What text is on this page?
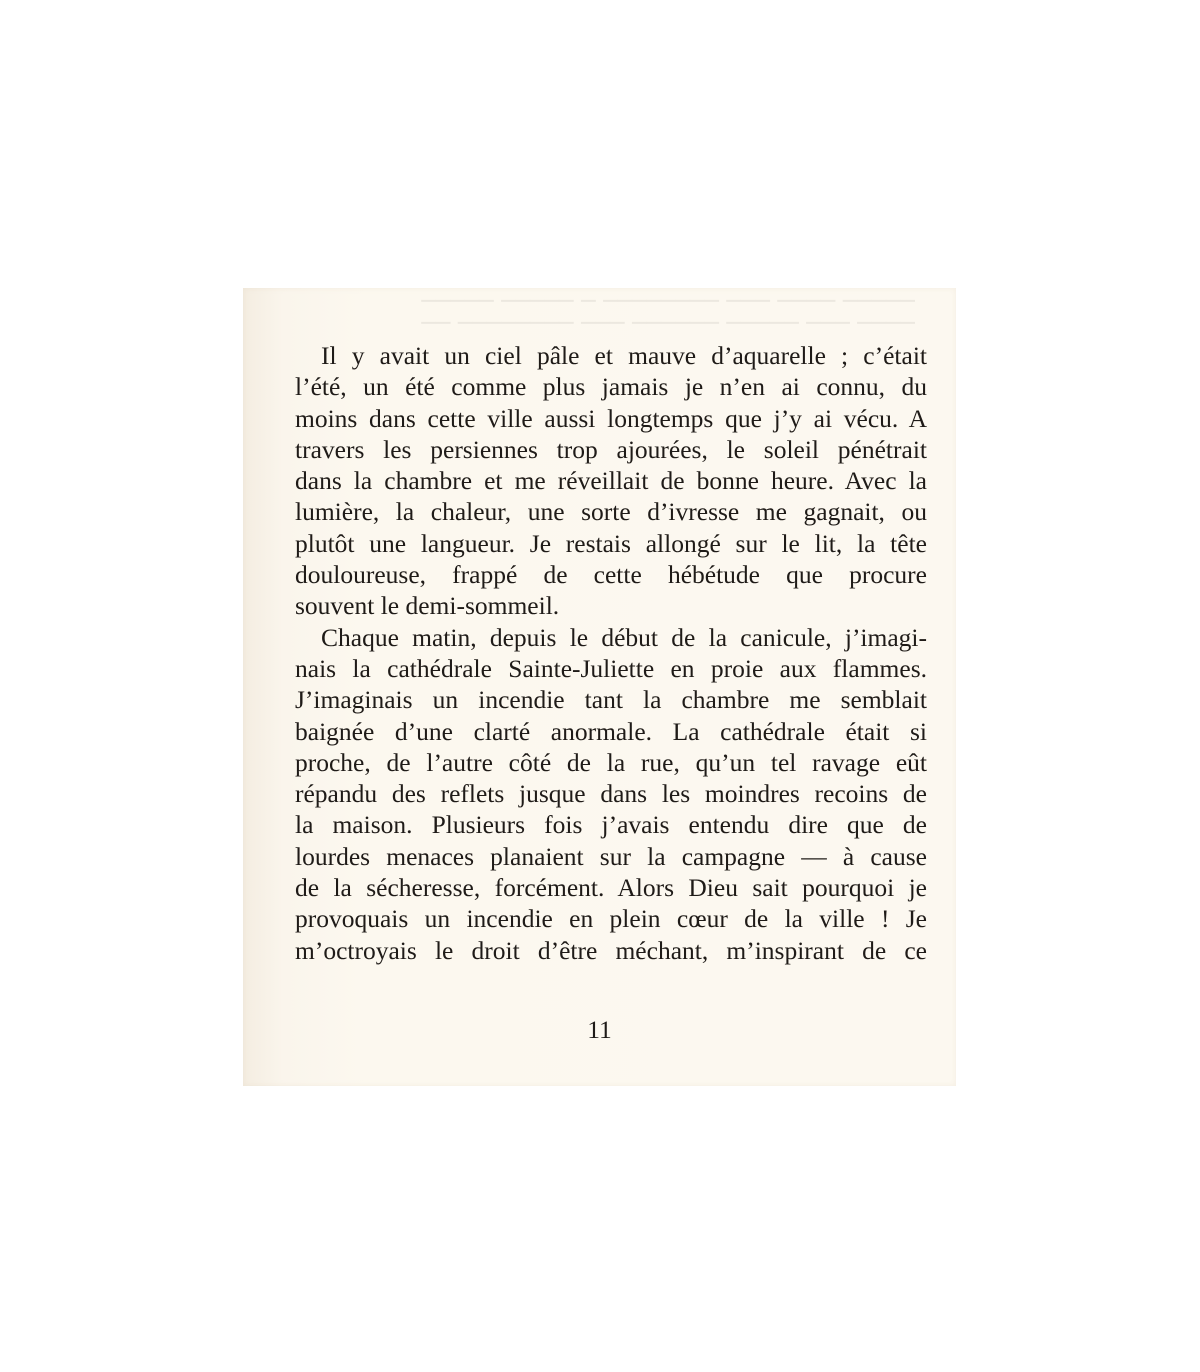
───── ──── ─── ──────── ─ ───── ─────
──── ─── ───── ────── ─── ──────── ──

Il y avait un ciel pâle et mauve d’aquarelle ; c’était
l’été, un été comme plus jamais je n’en ai connu, du
moins dans cette ville aussi longtemps que j’y ai vécu. A
travers les persiennes trop ajourées, le soleil pénétrait
dans la chambre et me réveillait de bonne heure. Avec la
lumière, la chaleur, une sorte d’ivresse me gagnait, ou
plutôt une langueur. Je restais allongé sur le lit, la tête
douloureuse, frappé de cette hébétude que procure
souvent le demi-sommeil.

Chaque matin, depuis le début de la canicule, j’imagi-
nais la cathédrale Sainte-Juliette en proie aux flammes.
J’imaginais un incendie tant la chambre me semblait
baignée d’une clarté anormale. La cathédrale était si
proche, de l’autre côté de la rue, qu’un tel ravage eût
répandu des reflets jusque dans les moindres recoins de
la maison. Plusieurs fois j’avais entendu dire que de
lourdes menaces planaient sur la campagne — à cause
de la sécheresse, forcément. Alors Dieu sait pourquoi je
provoquais un incendie en plein cœur de la ville ! Je
m’octroyais le droit d’être méchant, m’inspirant de ce

11
